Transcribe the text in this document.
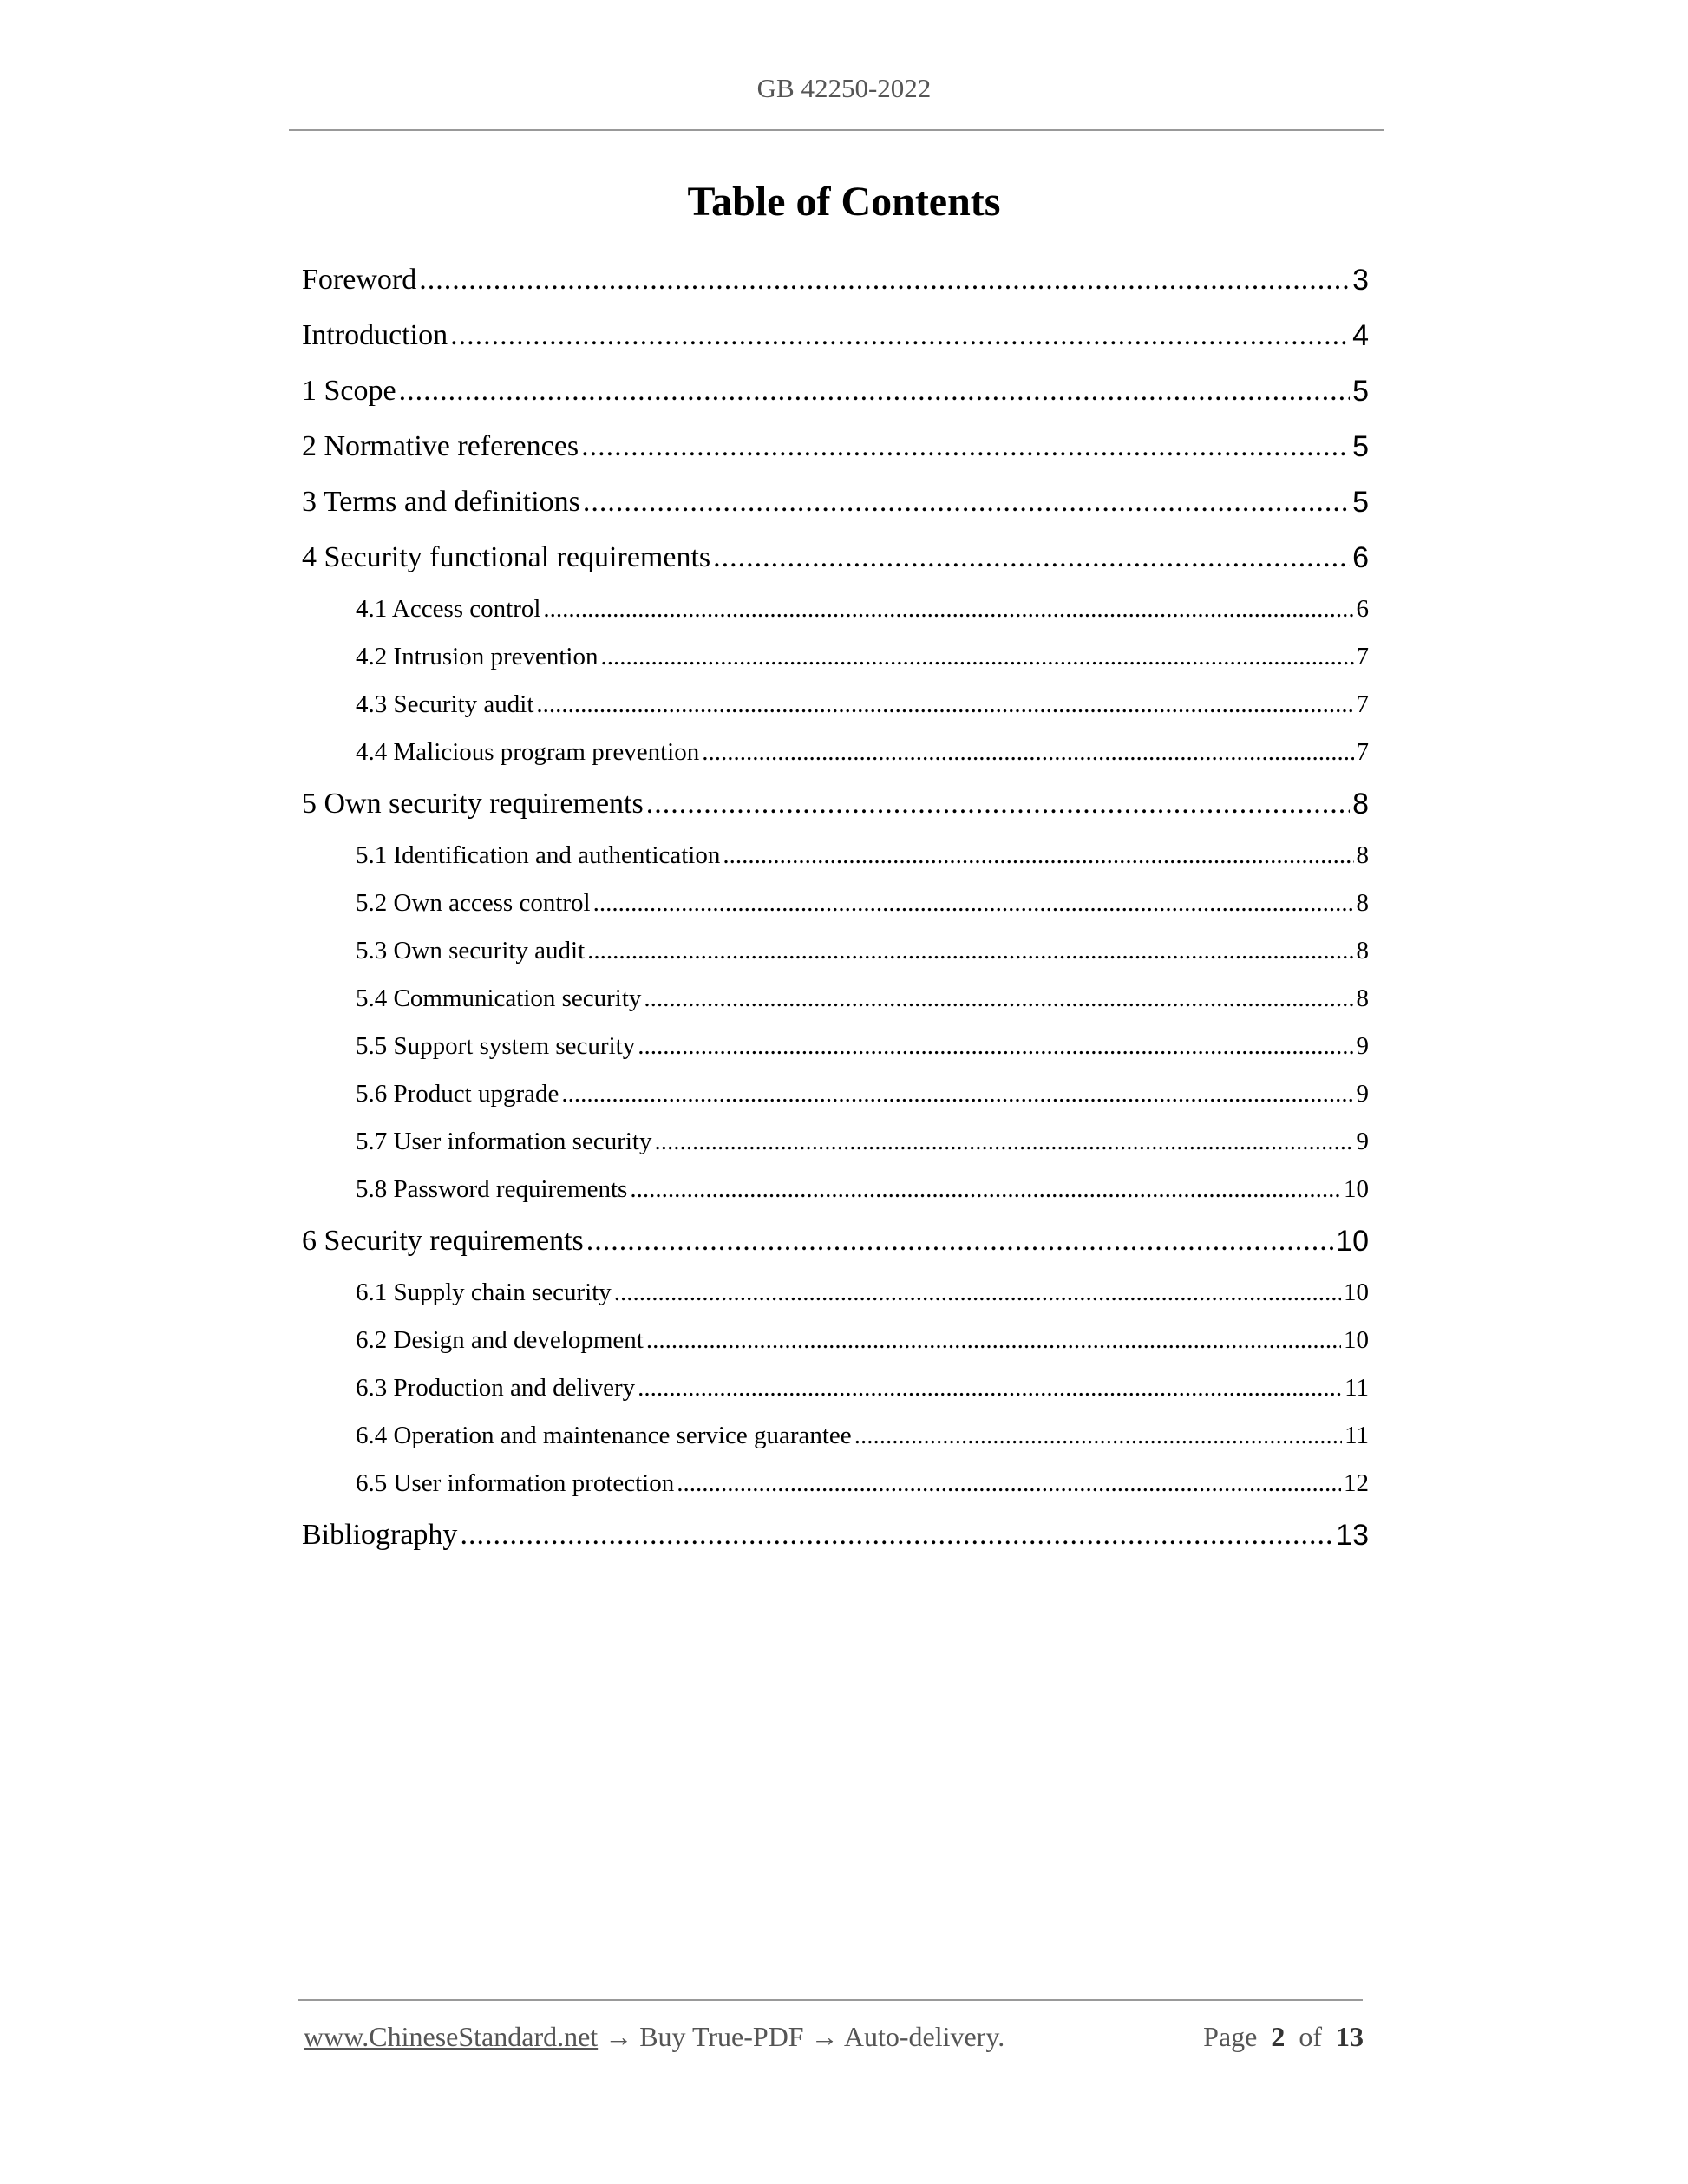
GB 42250-2022
Table of Contents
Foreword .....	3
Introduction .....	4
1 Scope .....	5
2 Normative references .....	5
3 Terms and definitions .....	5
4 Security functional requirements .....	6
4.1 Access control .....	6
4.2 Intrusion prevention .....	7
4.3 Security audit .....	7
4.4 Malicious program prevention .....	7
5 Own security requirements .....	8
5.1 Identification and authentication .....	8
5.2 Own access control .....	8
5.3 Own security audit .....	8
5.4 Communication security .....	8
5.5 Support system security .....	9
5.6 Product upgrade .....	9
5.7 User information security .....	9
5.8 Password requirements .....	10
6 Security requirements .....	10
6.1 Supply chain security .....	10
6.2 Design and development .....	10
6.3 Production and delivery .....	11
6.4 Operation and maintenance service guarantee .....	11
6.5 User information protection .....	12
Bibliography .....	13
www.ChineseStandard.net → Buy True-PDF → Auto-delivery.	Page 2 of 13
